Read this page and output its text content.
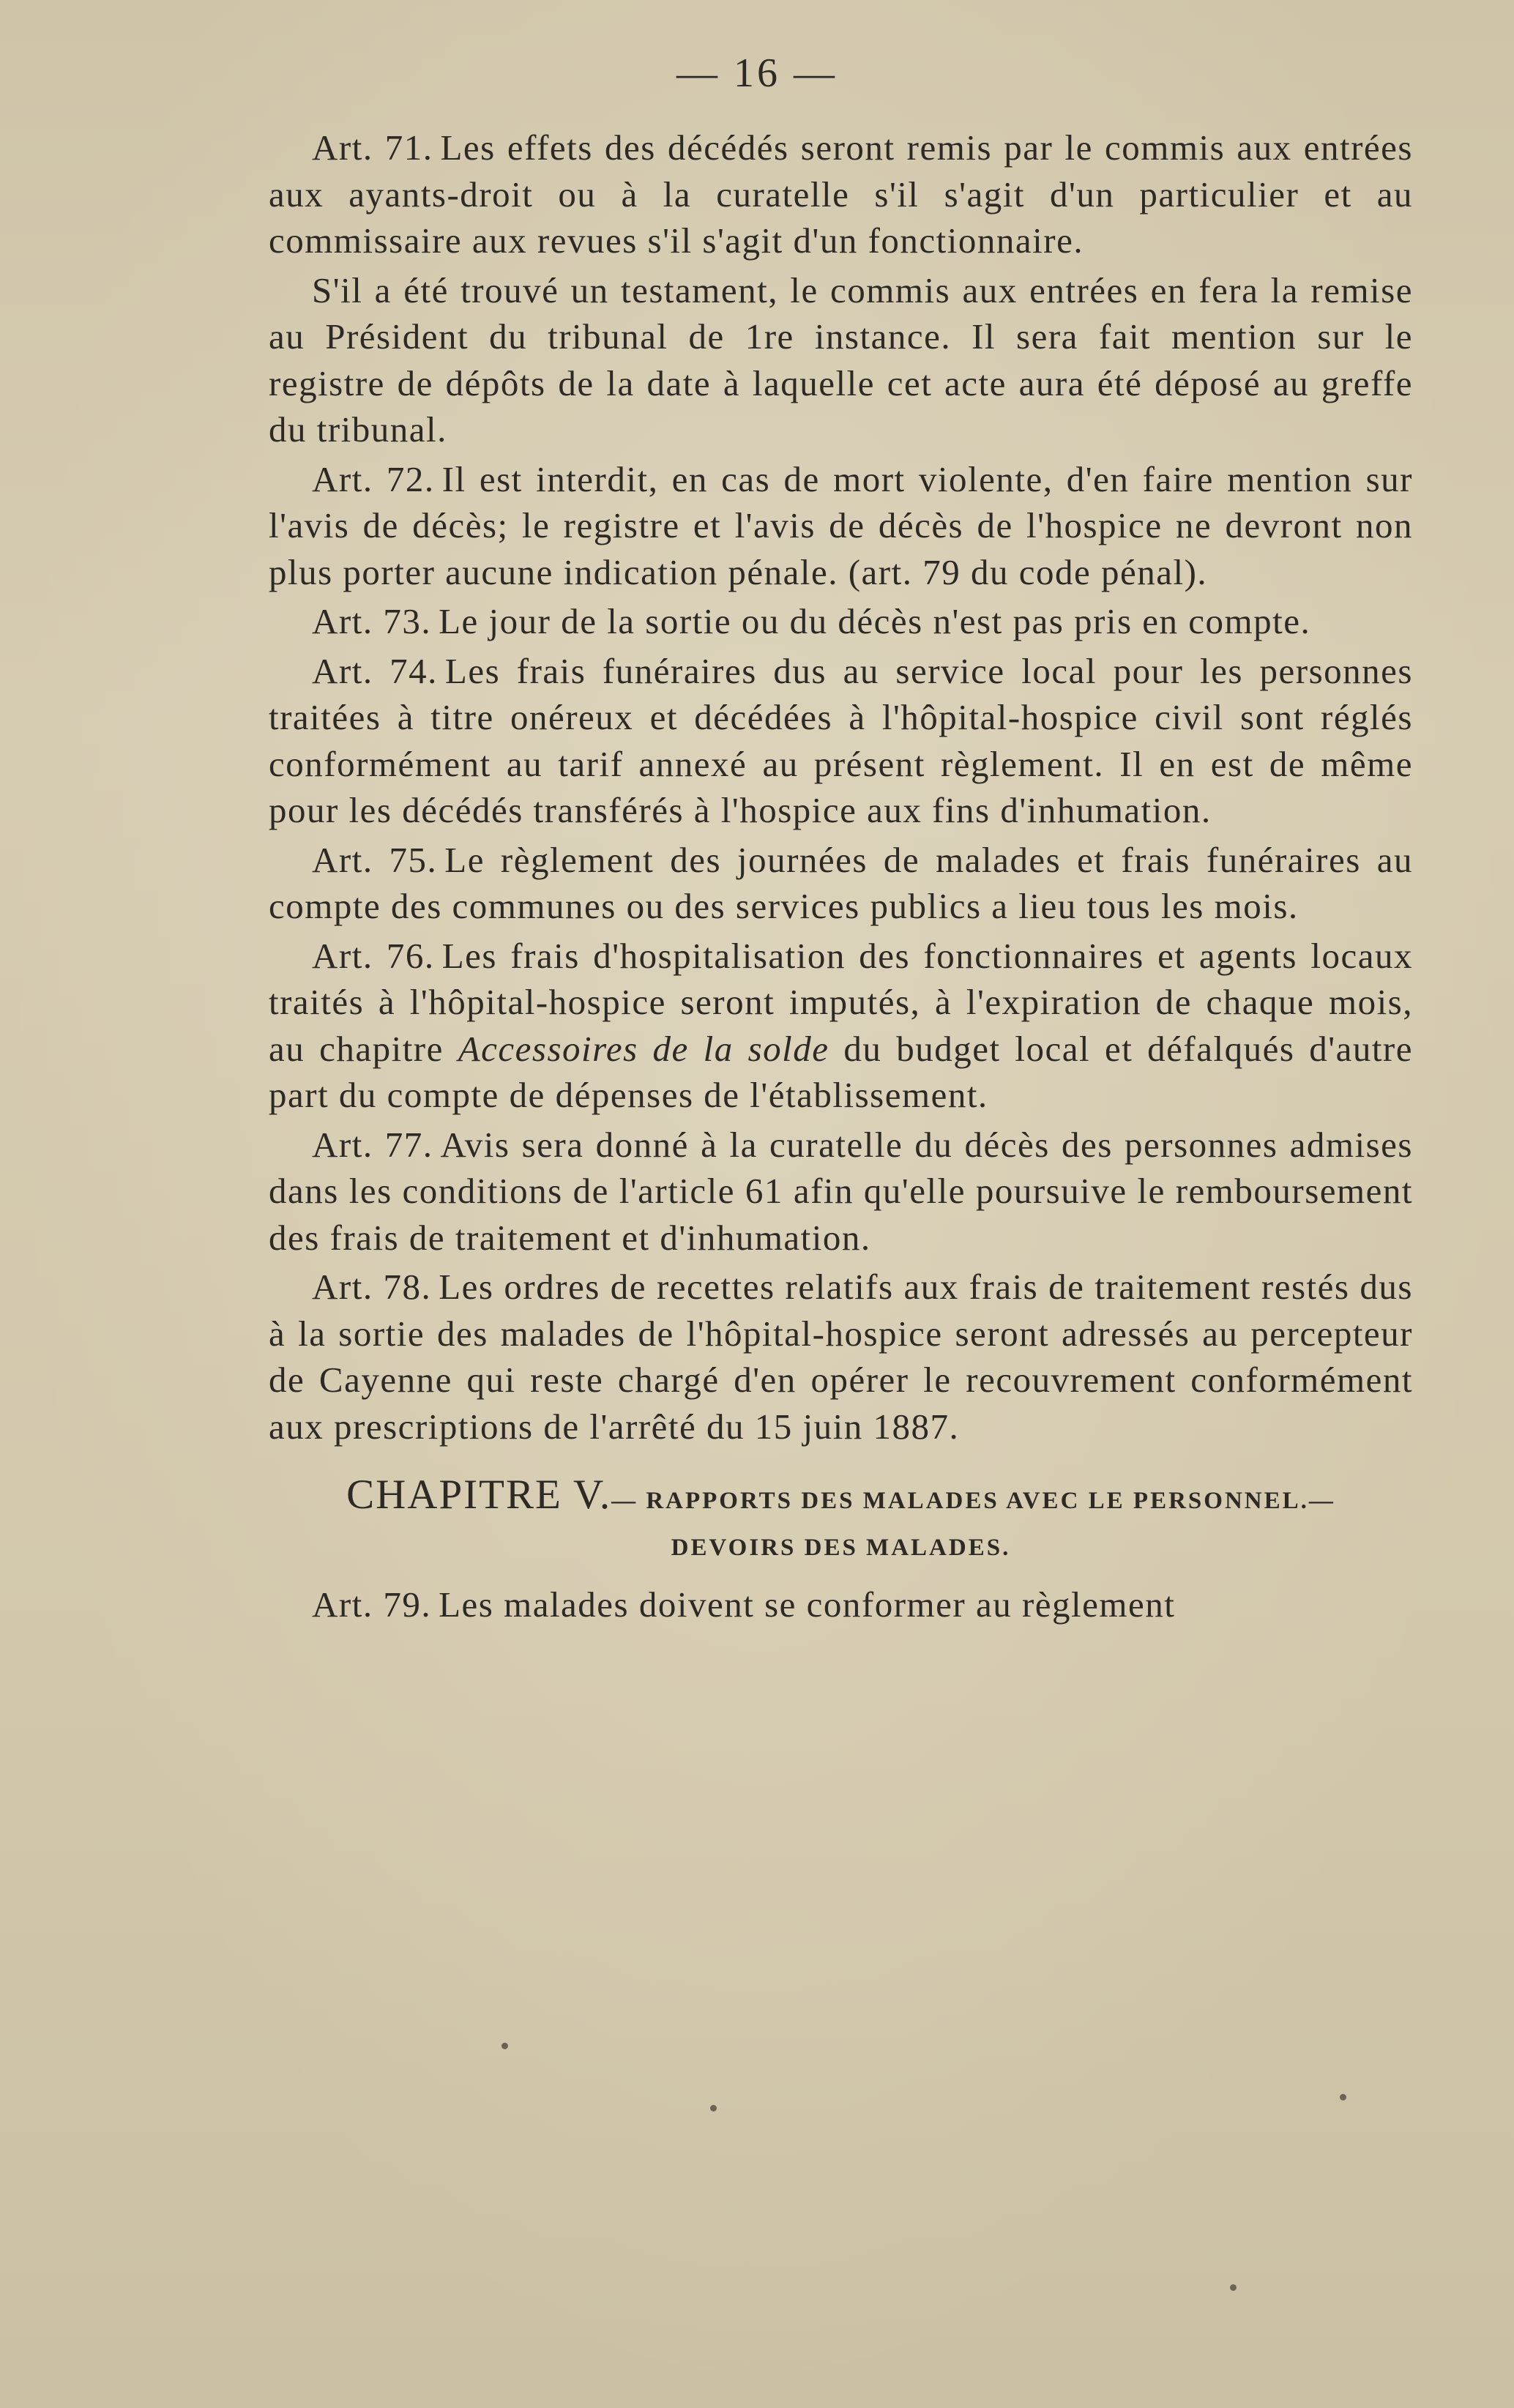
— 16 —

Art. 71. Les effets des décédés seront remis par le commis aux entrées aux ayants-droit ou à la curatelle s'il s'agit d'un particulier et au commissaire aux revues s'il s'agit d'un fonctionnaire.

S'il a été trouvé un testament, le commis aux entrées en fera la remise au Président du tribunal de 1re instance. Il sera fait mention sur le registre de dépôts de la date à laquelle cet acte aura été déposé au greffe du tribunal.

Art. 72. Il est interdit, en cas de mort violente, d'en faire mention sur l'avis de décès; le registre et l'avis de décès de l'hospice ne devront non plus porter aucune indication pénale. (art. 79 du code pénal).

Art. 73. Le jour de la sortie ou du décès n'est pas pris en compte.

Art. 74. Les frais funéraires dus au service local pour les personnes traitées à titre onéreux et décédées à l'hôpital-hospice civil sont réglés conformément au tarif annexé au présent règlement. Il en est de même pour les décédés transférés à l'hospice aux fins d'inhumation.

Art. 75. Le règlement des journées de malades et frais funéraires au compte des communes ou des services publics a lieu tous les mois.

Art. 76. Les frais d'hospitalisation des fonctionnaires et agents locaux traités à l'hôpital-hospice seront imputés, à l'expiration de chaque mois, au chapitre Accessoires de la solde du budget local et défalqués d'autre part du compte de dépenses de l'établissement.

Art. 77. Avis sera donné à la curatelle du décès des personnes admises dans les conditions de l'article 61 afin qu'elle poursuive le remboursement des frais de traitement et d'inhumation.

Art. 78. Les ordres de recettes relatifs aux frais de traitement restés dus à la sortie des malades de l'hôpital-hospice seront adressés au percepteur de Cayenne qui reste chargé d'en opérer le recouvrement conformément aux prescriptions de l'arrêté du 15 juin 1887.

CHAPITRE V.— RAPPORTS DES MALADES AVEC LE PERSONNEL.—
DEVOIRS DES MALADES.

Art. 79. Les malades doivent se conformer au règlement
